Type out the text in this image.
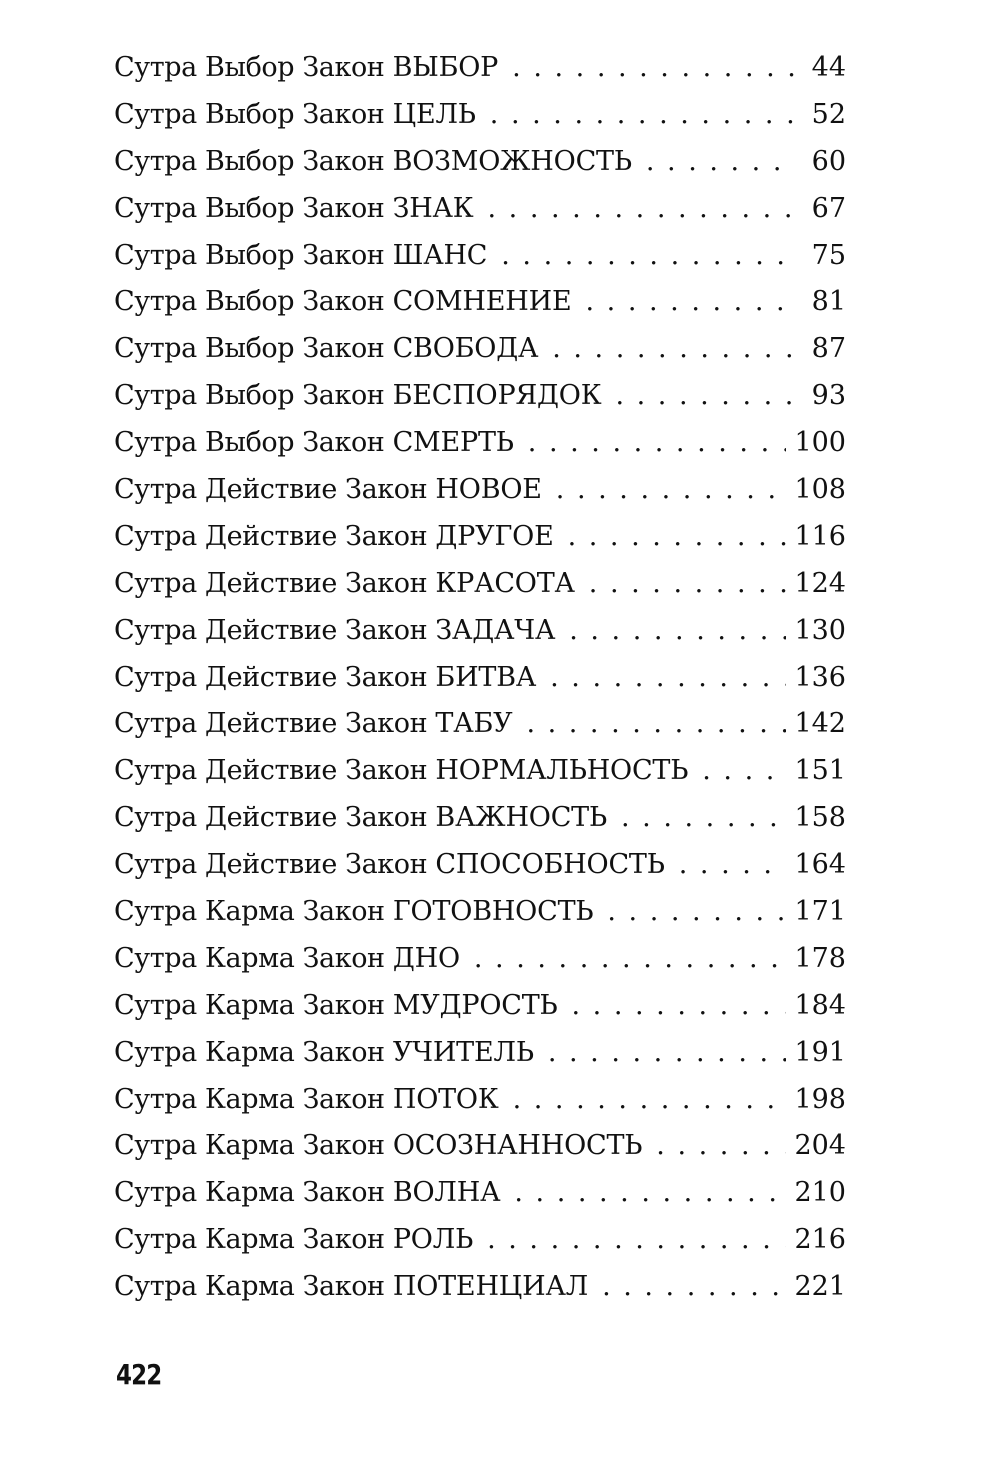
Сутра Выбор Закон ВЫБОР . . .	44
Сутра Выбор Закон ЦЕЛЬ . . .	52
Сутра Выбор Закон ВОЗМОЖНОСТЬ . . .	60
Сутра Выбор Закон ЗНАК . . .	67
Сутра Выбор Закон ШАНС . . .	75
Сутра Выбор Закон СОМНЕНИЕ . . .	81
Сутра Выбор Закон СВОБОДА . . .	87
Сутра Выбор Закон БЕСПОРЯДОК . . .	93
Сутра Выбор Закон СМЕРТЬ . . .	100
Сутра Действие Закон НОВОЕ . . .	108
Сутра Действие Закон ДРУГОЕ . . .	116
Сутра Действие Закон КРАСОТА . . .	124
Сутра Действие Закон ЗАДАЧА . . .	130
Сутра Действие Закон БИТВА . . .	136
Сутра Действие Закон ТАБУ . . .	142
Сутра Действие Закон НОРМАЛЬНОСТЬ . . .	151
Сутра Действие Закон ВАЖНОСТЬ . . .	158
Сутра Действие Закон СПОСОБНОСТЬ . . .	164
Сутра Карма Закон ГОТОВНОСТЬ . . .	171
Сутра Карма Закон ДНО . . .	178
Сутра Карма Закон МУДРОСТЬ . . .	184
Сутра Карма Закон УЧИТЕЛЬ . . .	191
Сутра Карма Закон ПОТОК . . .	198
Сутра Карма Закон ОСОЗНАННОСТЬ . . .	204
Сутра Карма Закон ВОЛНА . . .	210
Сутра Карма Закон РОЛЬ . . .	216
Сутра Карма Закон ПОТЕНЦИАЛ . . .	221
422
